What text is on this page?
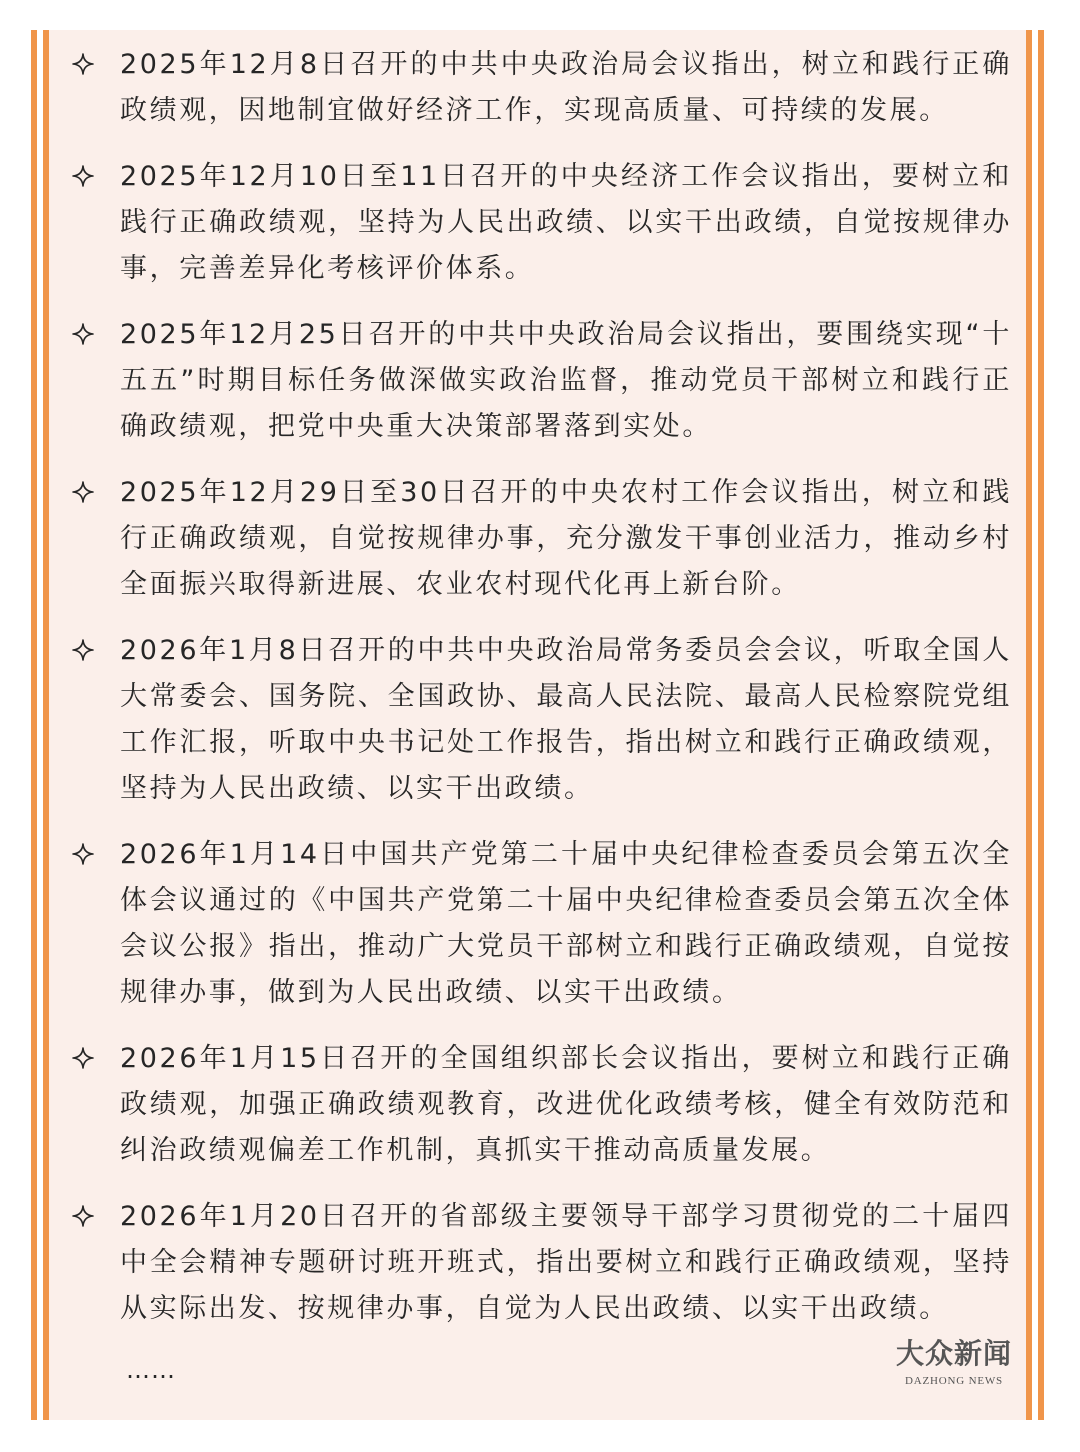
2025年12月8日召开的中共中央政治局会议指出，树立和践行正确政绩观，因地制宜做好经济工作，实现高质量、可持续的发展。
2025年12月10日至11日召开的中央经济工作会议指出，要树立和践行正确政绩观，坚持为人民出政绩、以实干出政绩，自觉按规律办事，完善差异化考核评价体系。
2025年12月25日召开的中共中央政治局会议指出，要围绕实现“十五五”时期目标任务做深做实政治监督，推动党员干部树立和践行正确政绩观，把党中央重大决策部署落到实处。
2025年12月29日至30日召开的中央农村工作会议指出，树立和践行正确政绩观，自觉按规律办事，充分激发干事创业活力，推动乡村全面振兴取得新进展、农业农村现代化再上新台阶。
2026年1月8日召开的中共中央政治局常务委员会会议，听取全国人大常委会、国务院、全国政协、最高人民法院、最高人民检察院党组工作汇报，听取中央书记处工作报告，指出树立和践行正确政绩观，坚持为人民出政绩、以实干出政绩。
2026年1月14日中国共产党第二十届中央纪律检查委员会第五次全体会议通过的《中国共产党第二十届中央纪律检查委员会第五次全体会议公报》指出，推动广大党员干部树立和践行正确政绩观，自觉按规律办事，做到为人民出政绩、以实干出政绩。
2026年1月15日召开的全国组织部长会议指出，要树立和践行正确政绩观，加强正确政绩观教育，改进优化政绩考核，健全有效防范和纠治政绩观偏差工作机制，真抓实干推动高质量发展。
2026年1月20日召开的省部级主要领导干部学习贯彻党的二十届四中全会精神专题研讨班开班式，指出要树立和践行正确政绩观，坚持从实际出发、按规律办事，自觉为人民出政绩、以实干出政绩。
……	大众新闻
DAZHONG NEWS
